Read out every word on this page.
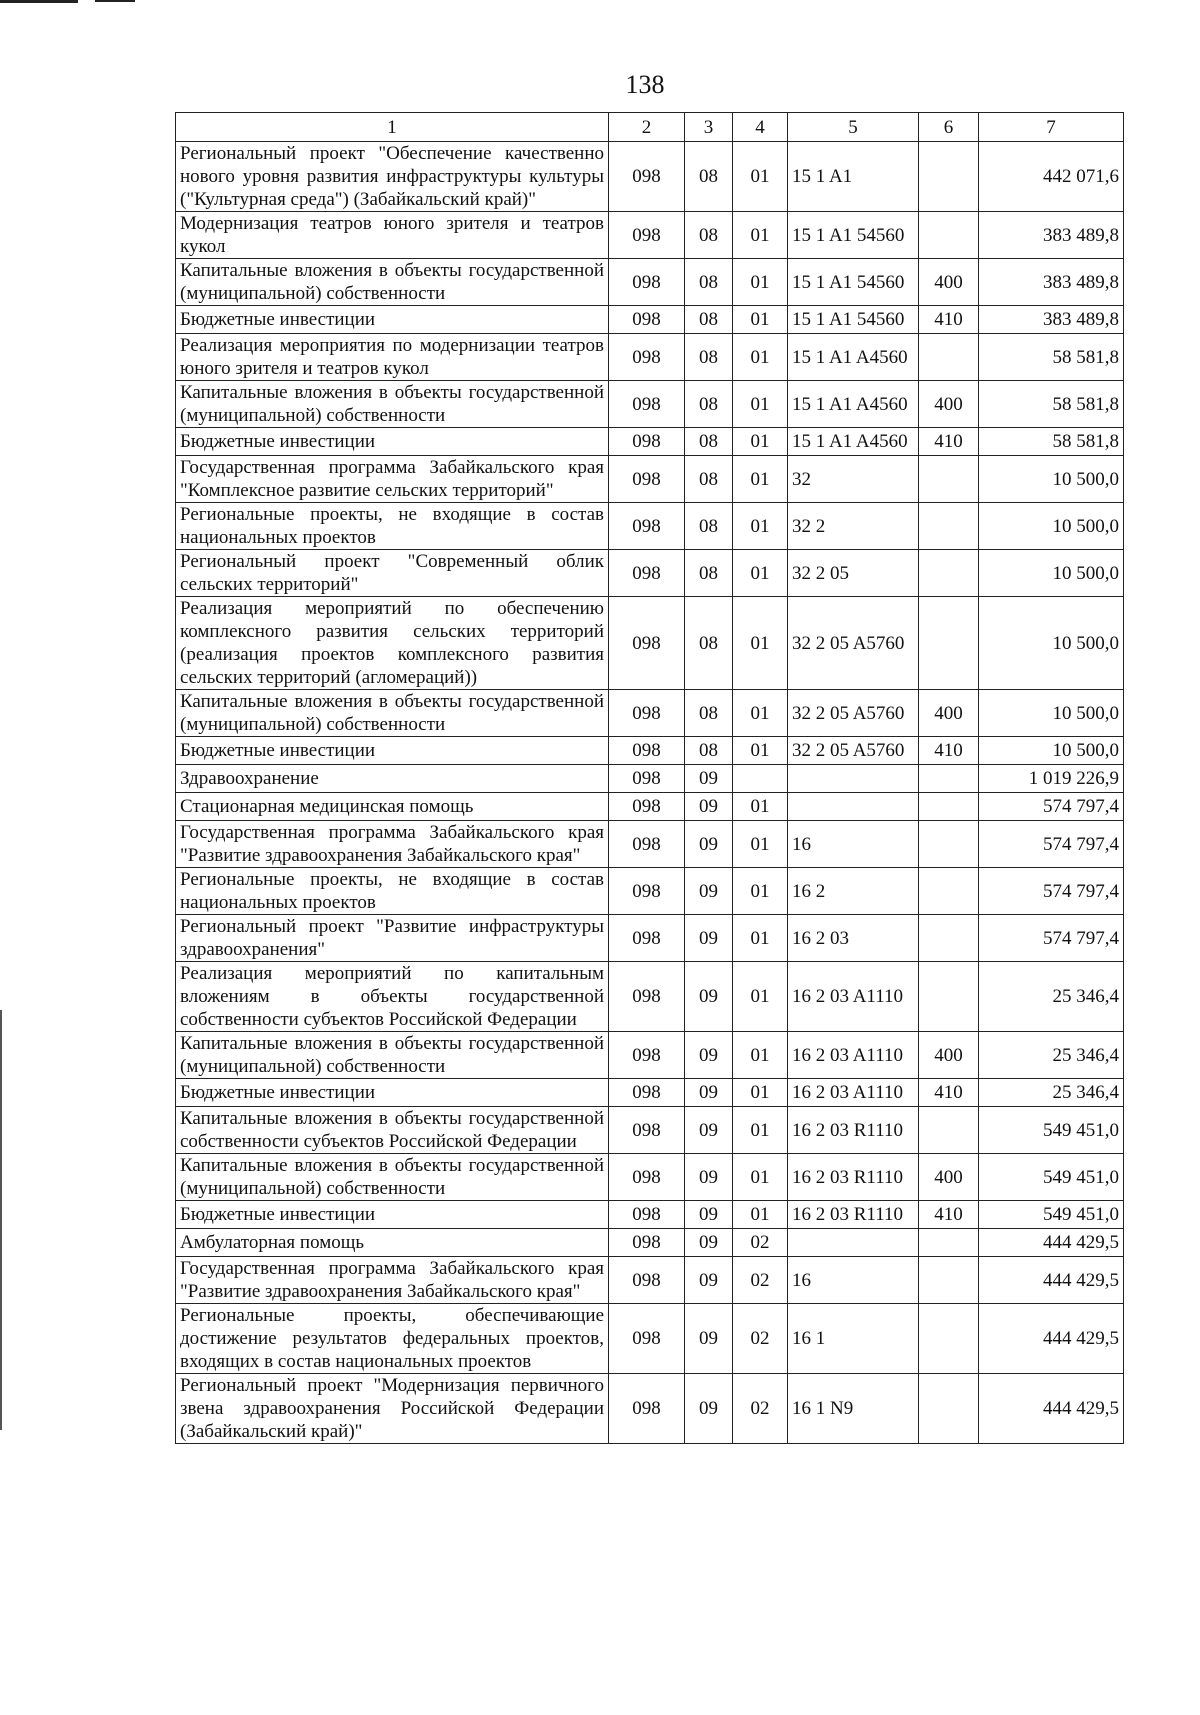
138
1	2	3	4	5	6	7
Региональный проект "Обеспечение качественно нового уровня развития инфраструктуры культуры ("Культурная среда") (Забайкальский край)"	098	08	01	15 1 A1		442 071,6
Модернизация театров юного зрителя и театров кукол	098	08	01	15 1 A1 54560		383 489,8
Капитальные вложения в объекты государственной (муниципальной) собственности	098	08	01	15 1 A1 54560	400	383 489,8
Бюджетные инвестиции	098	08	01	15 1 A1 54560	410	383 489,8
Реализация мероприятия по модернизации театров юного зрителя и театров кукол	098	08	01	15 1 A1 A4560		58 581,8
Капитальные вложения в объекты государственной (муниципальной) собственности	098	08	01	15 1 A1 A4560	400	58 581,8
Бюджетные инвестиции	098	08	01	15 1 A1 A4560	410	58 581,8
Государственная программа Забайкальского края "Комплексное развитие сельских территорий"	098	08	01	32		10 500,0
Региональные проекты, не входящие в состав национальных проектов	098	08	01	32 2		10 500,0
Региональный проект "Современный облик сельских территорий"	098	08	01	32 2 05		10 500,0
Реализация мероприятий по обеспечению комплексного развития сельских территорий (реализация проектов комплексного развития сельских территорий (агломераций))	098	08	01	32 2 05 A5760		10 500,0
Капитальные вложения в объекты государственной (муниципальной) собственности	098	08	01	32 2 05 A5760	400	10 500,0
Бюджетные инвестиции	098	08	01	32 2 05 A5760	410	10 500,0
Здравоохранение	098	09				1 019 226,9
Стационарная медицинская помощь	098	09	01			574 797,4
Государственная программа Забайкальского края "Развитие здравоохранения Забайкальского края"	098	09	01	16		574 797,4
Региональные проекты, не входящие в состав национальных проектов	098	09	01	16 2		574 797,4
Региональный проект "Развитие инфраструктуры здравоохранения"	098	09	01	16 2 03		574 797,4
Реализация мероприятий по капитальным вложениям в объекты государственной собственности субъектов Российской Федерации	098	09	01	16 2 03 A1110		25 346,4
Капитальные вложения в объекты государственной (муниципальной) собственности	098	09	01	16 2 03 A1110	400	25 346,4
Бюджетные инвестиции	098	09	01	16 2 03 A1110	410	25 346,4
Капитальные вложения в объекты государственной собственности субъектов Российской Федерации	098	09	01	16 2 03 R1110		549 451,0
Капитальные вложения в объекты государственной (муниципальной) собственности	098	09	01	16 2 03 R1110	400	549 451,0
Бюджетные инвестиции	098	09	01	16 2 03 R1110	410	549 451,0
Амбулаторная помощь	098	09	02			444 429,5
Государственная программа Забайкальского края "Развитие здравоохранения Забайкальского края"	098	09	02	16		444 429,5
Региональные проекты, обеспечивающие достижение результатов федеральных проектов, входящих в состав национальных проектов	098	09	02	16 1		444 429,5
Региональный проект "Модернизация первичного звена здравоохранения Российской Федерации (Забайкальский край)"	098	09	02	16 1 N9		444 429,5
